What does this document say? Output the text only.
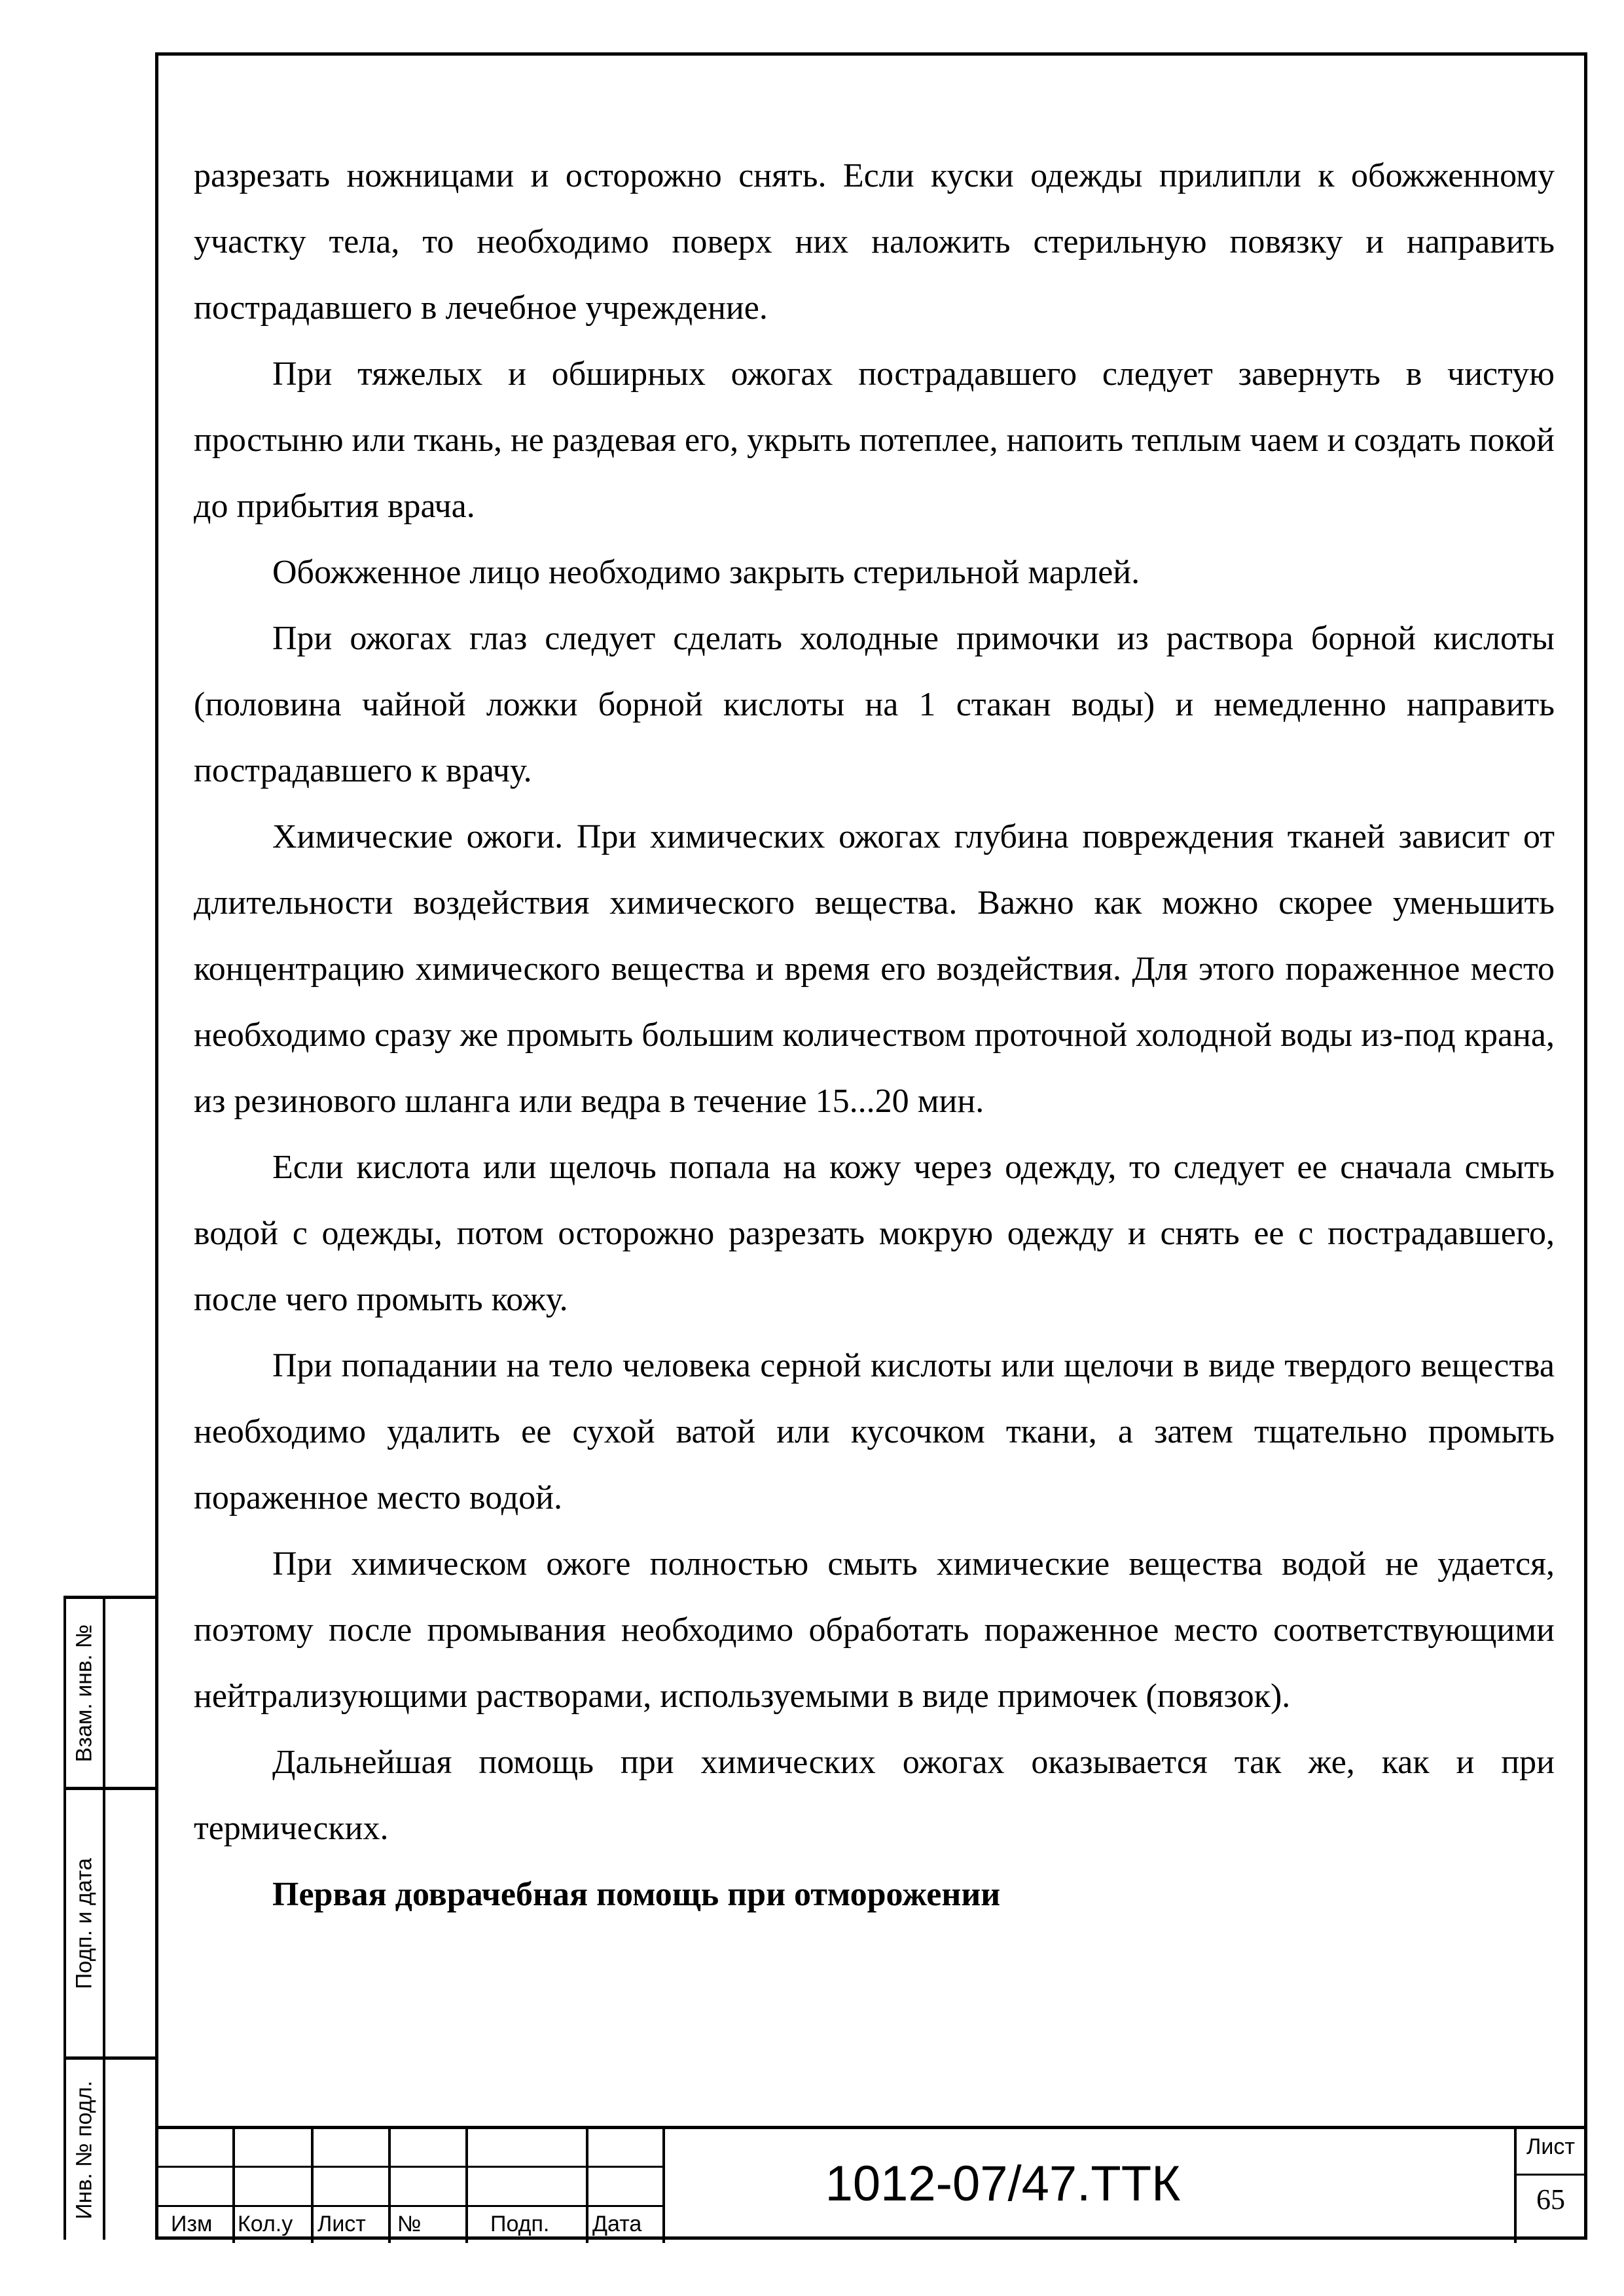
разрезать ножницами и осторожно снять. Если куски одежды прилипли к обожженному участку тела, то необходимо поверх них наложить стерильную повязку и направить пострадавшего в лечебное учреждение.

При тяжелых и обширных ожогах пострадавшего следует завернуть в чистую простыню или ткань, не раздевая его, укрыть потеплее, напоить теплым чаем и создать покой до прибытия врача.

Обожженное лицо необходимо закрыть стерильной марлей.

При ожогах глаз следует сделать холодные примочки из раствора борной кислоты (половина чайной ложки борной кислоты на 1 стакан воды) и немедленно направить пострадавшего к врачу.

Химические ожоги. При химических ожогах глубина повреждения тканей зависит от длительности воздействия химического вещества. Важно как можно скорее уменьшить концентрацию химического вещества и время его воздействия. Для этого пораженное место необходимо сразу же промыть большим количеством проточной холодной воды из-под крана, из резинового шланга или ведра в течение 15...20 мин.

Если кислота или щелочь попала на кожу через одежду, то следует ее сначала смыть водой с одежды, потом осторожно разрезать мокрую одежду и снять ее с пострадавшего, после чего промыть кожу.

При попадании на тело человека серной кислоты или щелочи в виде твердого вещества необходимо удалить ее сухой ватой или кусочком ткани, а затем тщательно промыть пораженное место водой.

При химическом ожоге полностью смыть химические вещества водой не удается, поэтому после промывания необходимо обработать пораженное место соответствующими нейтрализующими растворами, используемыми в виде примочек (повязок).

Дальнейшая помощь при химических ожогах оказывается так же, как и при термических.

Первая доврачебная помощь при отморожении

Взам. инв. №
Подп. и дата
Инв. № подл.
Изм Кол.у Лист №	Подп. Дата
1012-07/47.ТТК
Лист
65
